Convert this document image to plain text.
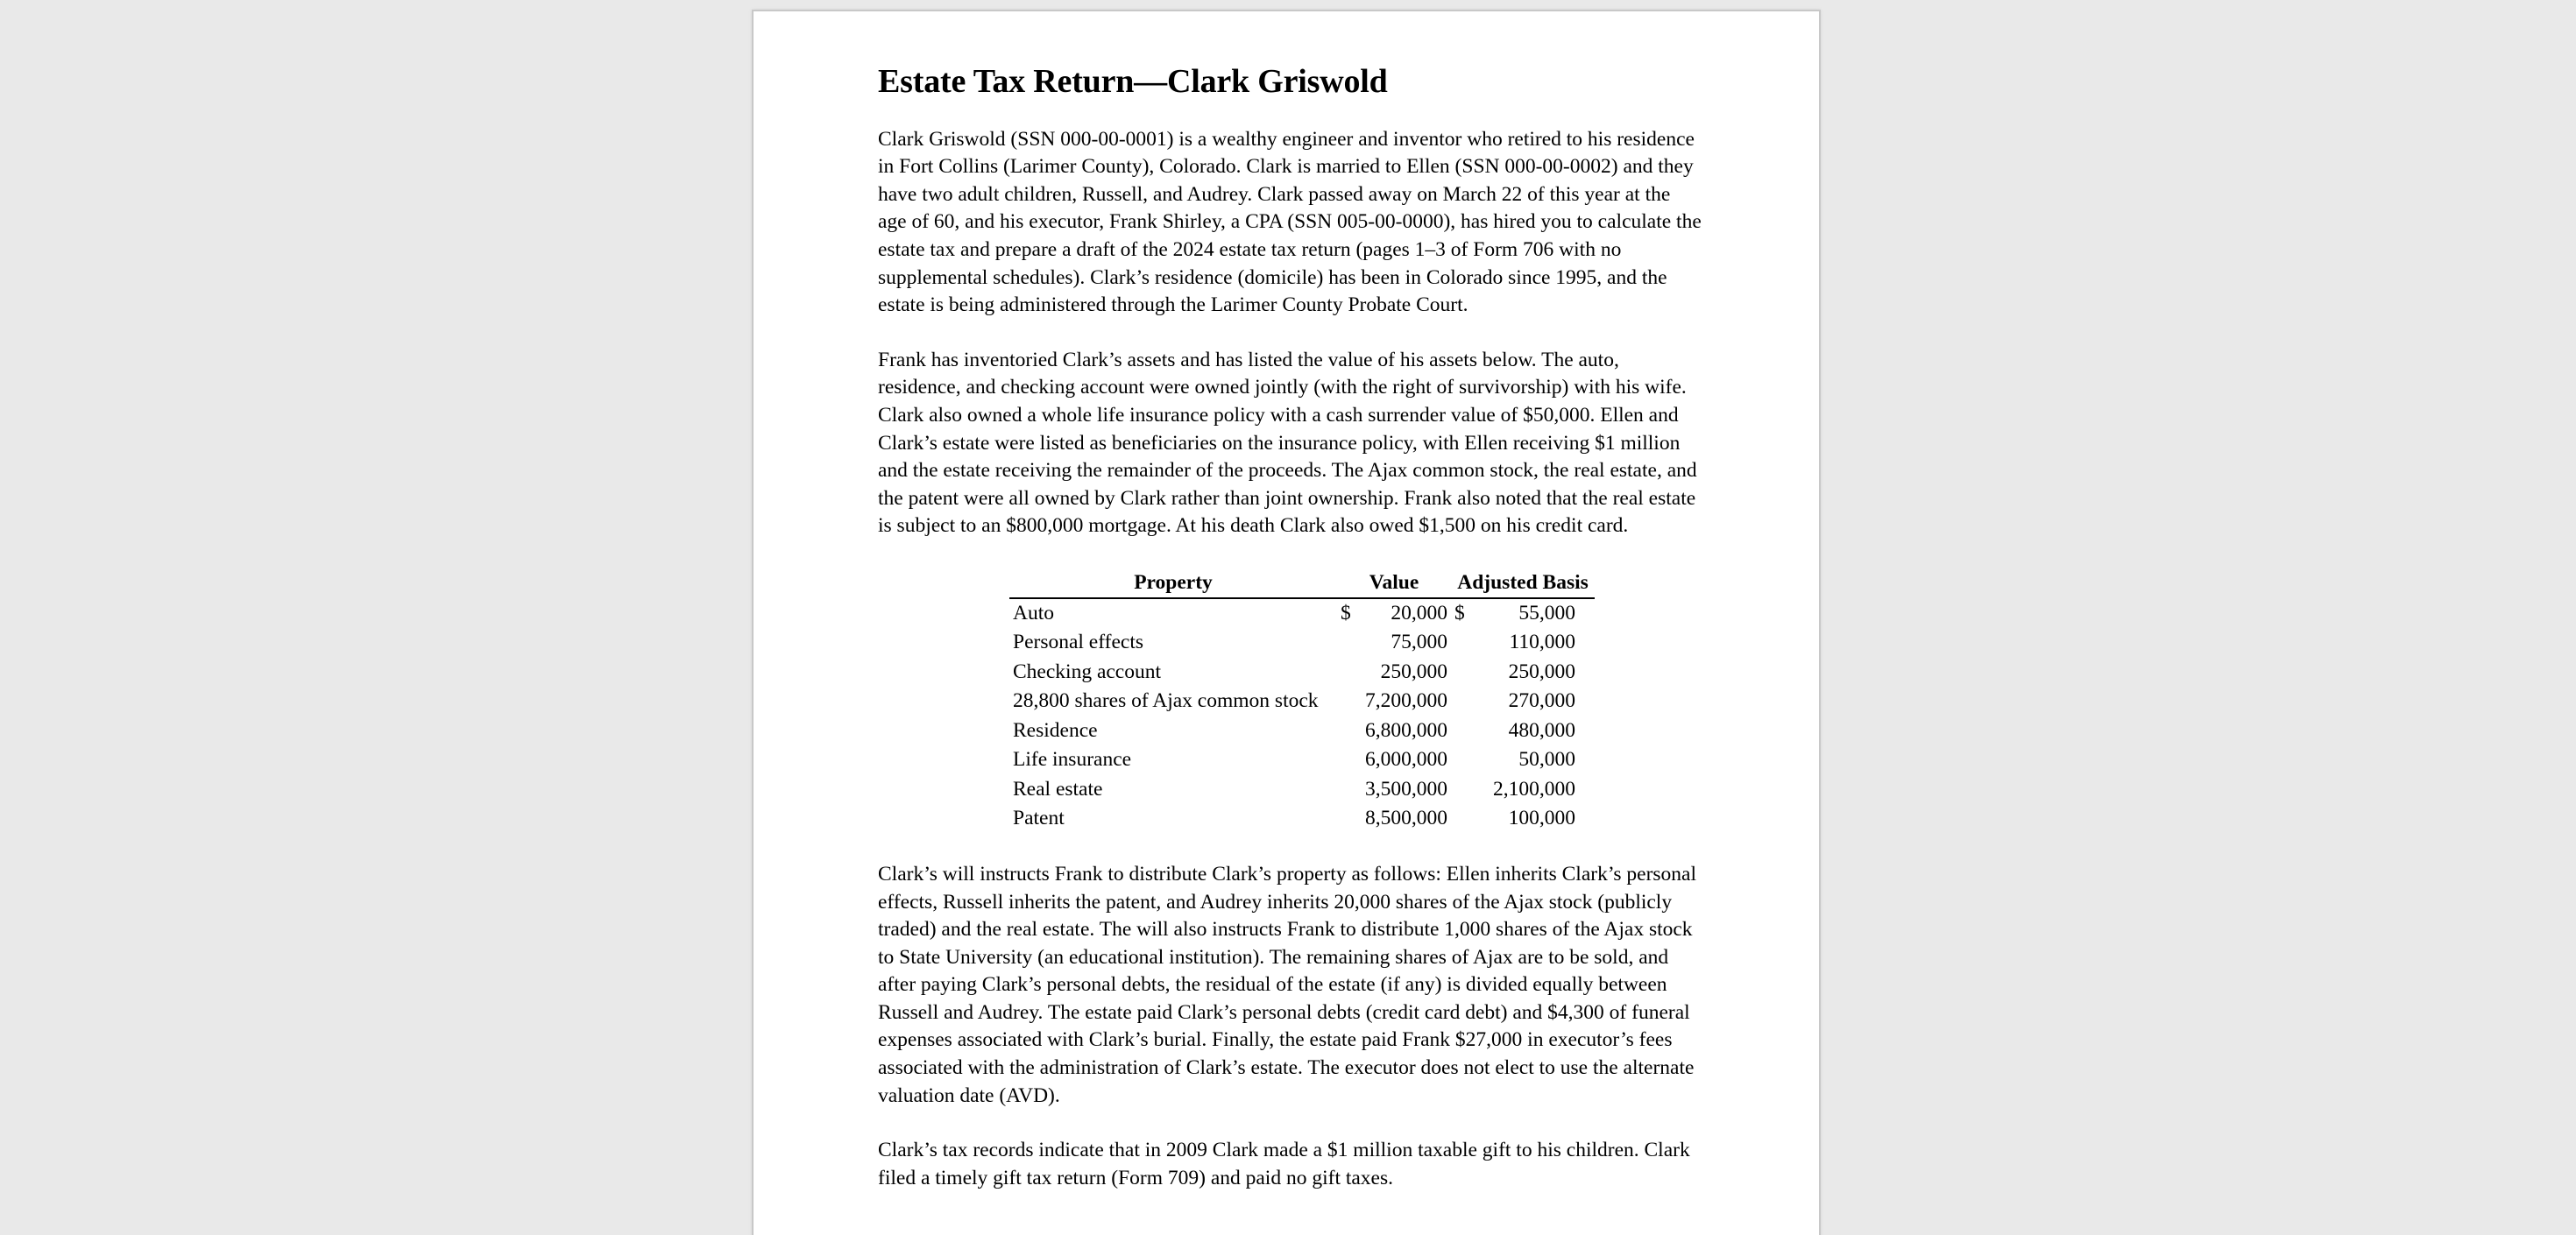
Estate Tax Return—Clark Griswold

Clark Griswold (SSN 000-00-0001) is a wealthy engineer and inventor who retired to his residence in Fort Collins (Larimer County), Colorado. Clark is married to Ellen (SSN 000-00-0002) and they have two adult children, Russell, and Audrey. Clark passed away on March 22 of this year at the age of 60, and his executor, Frank Shirley, a CPA (SSN 005-00-0000), has hired you to calculate the estate tax and prepare a draft of the 2024 estate tax return (pages 1–3 of Form 706 with no supplemental schedules). Clark’s residence (domicile) has been in Colorado since 1995, and the estate is being administered through the Larimer County Probate Court.

Frank has inventoried Clark’s assets and has listed the value of his assets below. The auto, residence, and checking account were owned jointly (with the right of survivorship) with his wife. Clark also owned a whole life insurance policy with a cash surrender value of $50,000. Ellen and Clark’s estate were listed as beneficiaries on the insurance policy, with Ellen receiving $1 million and the estate receiving the remainder of the proceeds. The Ajax common stock, the real estate, and the patent were all owned by Clark rather than joint ownership. Frank also noted that the real estate is subject to an $800,000 mortgage. At his death Clark also owed $1,500 on his credit card.

Property	Value	Adjusted Basis
Auto	$ 20,000	$ 55,000

Personal effects	75,000	110,000
Checking account	250,000	250,000
28,800 shares of Ajax common stock	7,200,000	270,000
Residence	6,800,000	480,000
Life insurance	6,000,000	50,000
Real estate	3,500,000	2,100,000
Patent	8,500,000	100,000

Clark’s will instructs Frank to distribute Clark’s property as follows: Ellen inherits Clark’s personal effects, Russell inherits the patent, and Audrey inherits 20,000 shares of the Ajax stock (publicly traded) and the real estate. The will also instructs Frank to distribute 1,000 shares of the Ajax stock to State University (an educational institution). The remaining shares of Ajax are to be sold, and after paying Clark’s personal debts, the residual of the estate (if any) is divided equally between Russell and Audrey. The estate paid Clark’s personal debts (credit card debt) and $4,300 of funeral expenses associated with Clark’s burial. Finally, the estate paid Frank $27,000 in executor’s fees associated with the administration of Clark’s estate. The executor does not elect to use the alternate valuation date (AVD).

Clark’s tax records indicate that in 2009 Clark made a $1 million taxable gift to his children. Clark filed a timely gift tax return (Form 709) and paid no gift taxes.
